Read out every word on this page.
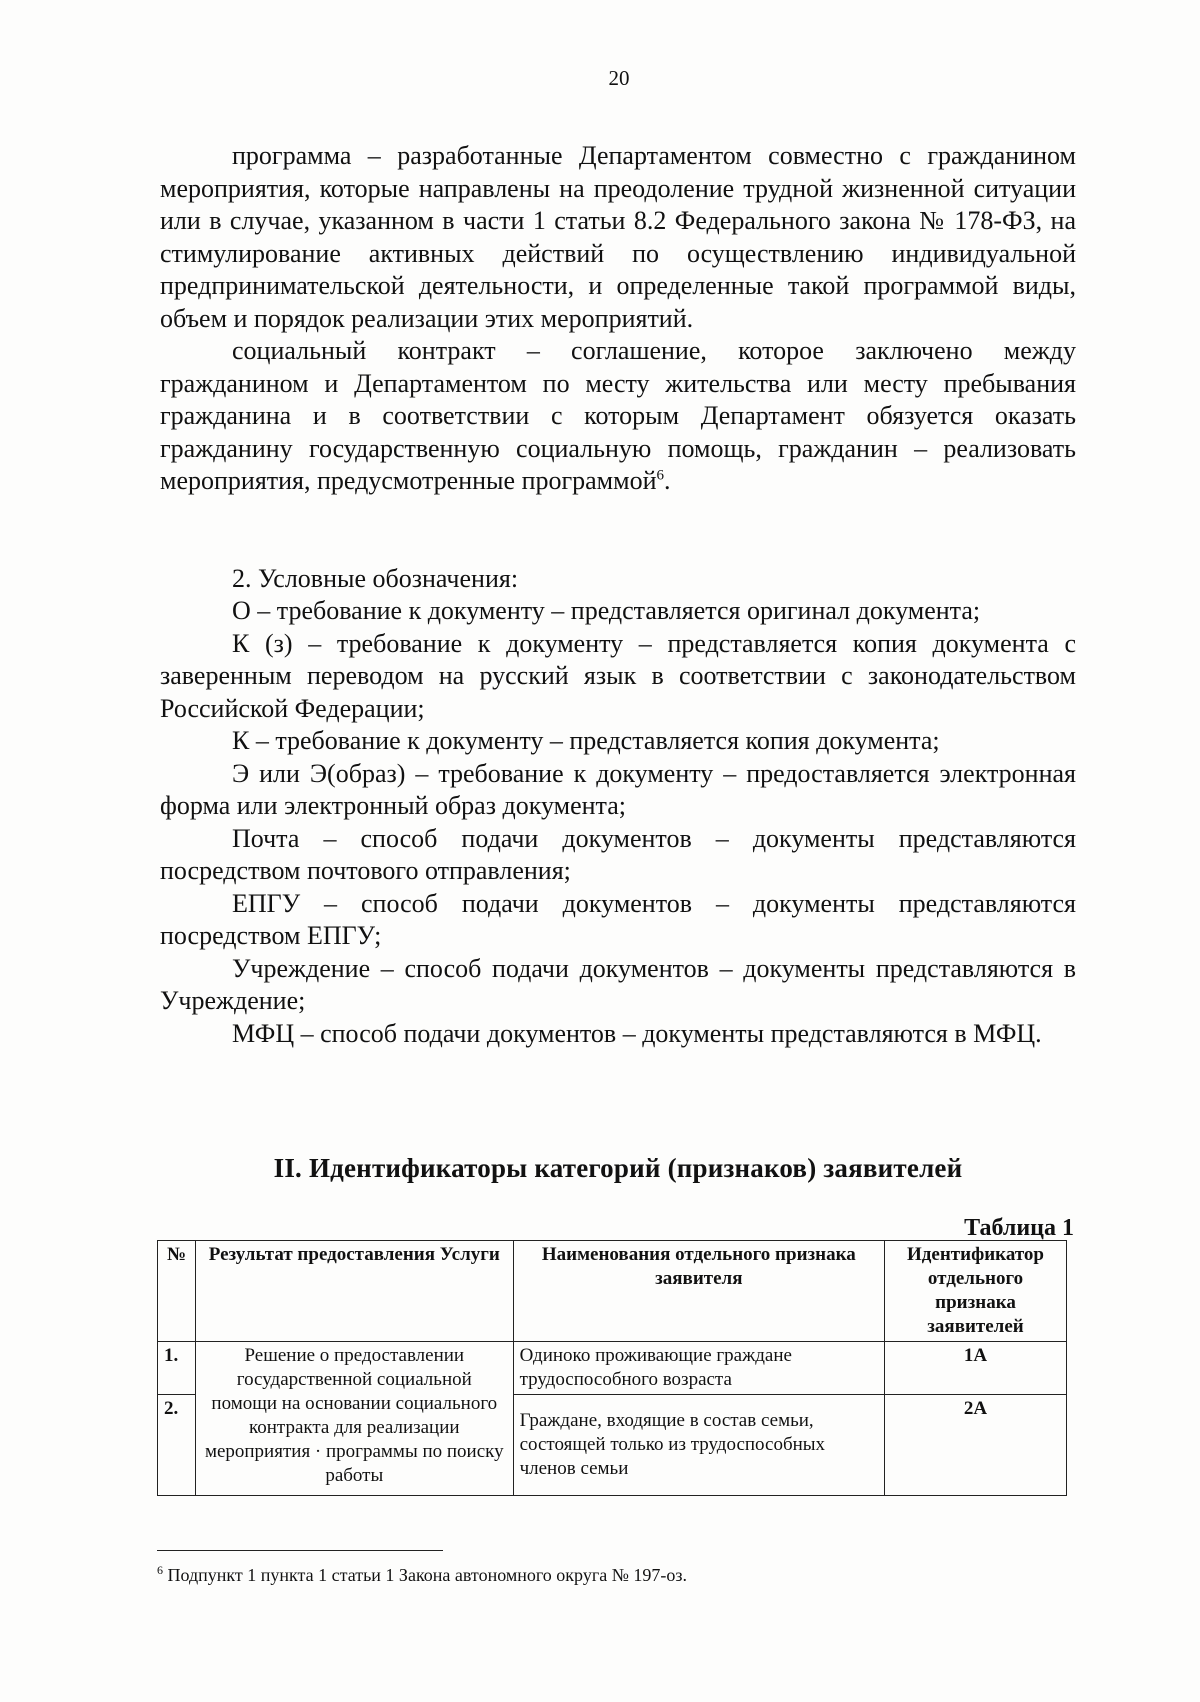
20

программа – разработанные Департаментом совместно с гражданином мероприятия, которые направлены на преодоление трудной жизненной ситуации или в случае, указанном в части 1 статьи 8.2 Федерального закона № 178-ФЗ, на стимулирование активных действий по осуществлению индивидуальной предпринимательской деятельности, и определенные такой программой виды, объем и порядок реализации этих мероприятий.

социальный контракт – соглашение, которое заключено между гражданином и Департаментом по месту жительства или месту пребывания гражданина и в соответствии с которым Департамент обязуется оказать гражданину государственную социальную помощь, гражданин – реализовать мероприятия, предусмотренные программой$^6$.

2. Условные обозначения:

О – требование к документу – представляется оригинал документа;

К (з) – требование к документу – представляется копия документа с заверенным переводом на русский язык в соответствии с законодательством Российской Федерации;

К – требование к документу – представляется копия документа;

Э или Э(образ) – требование к документу – предоставляется электронная форма или электронный образ документа;

Почта – способ подачи документов – документы представляются посредством почтового отправления;

ЕПГУ – способ подачи документов – документы представляются посредством ЕПГУ;

Учреждение – способ подачи документов – документы представляются в Учреждение;

МФЦ – способ подачи документов – документы представляются в МФЦ.

II. Идентификаторы категорий (признаков) заявителей
Таблица 1
№	Результат предоставления Услуги	Наименования отдельного признака заявителя	Идентификатор отдельного признака заявителей
1.	Решение о предоставлении государственной социальной помощи на основании социального контракта для реализации мероприятия · программы по поиску работы	Одиноко проживающие граждане трудоспособного возраста	1А
2.		Граждане, входящие в состав семьи, состоящей только из трудоспособных членов семьи	2А
$^6$ Подпункт 1 пункта 1 статьи 1 Закона автономного округа № 197-оз.
